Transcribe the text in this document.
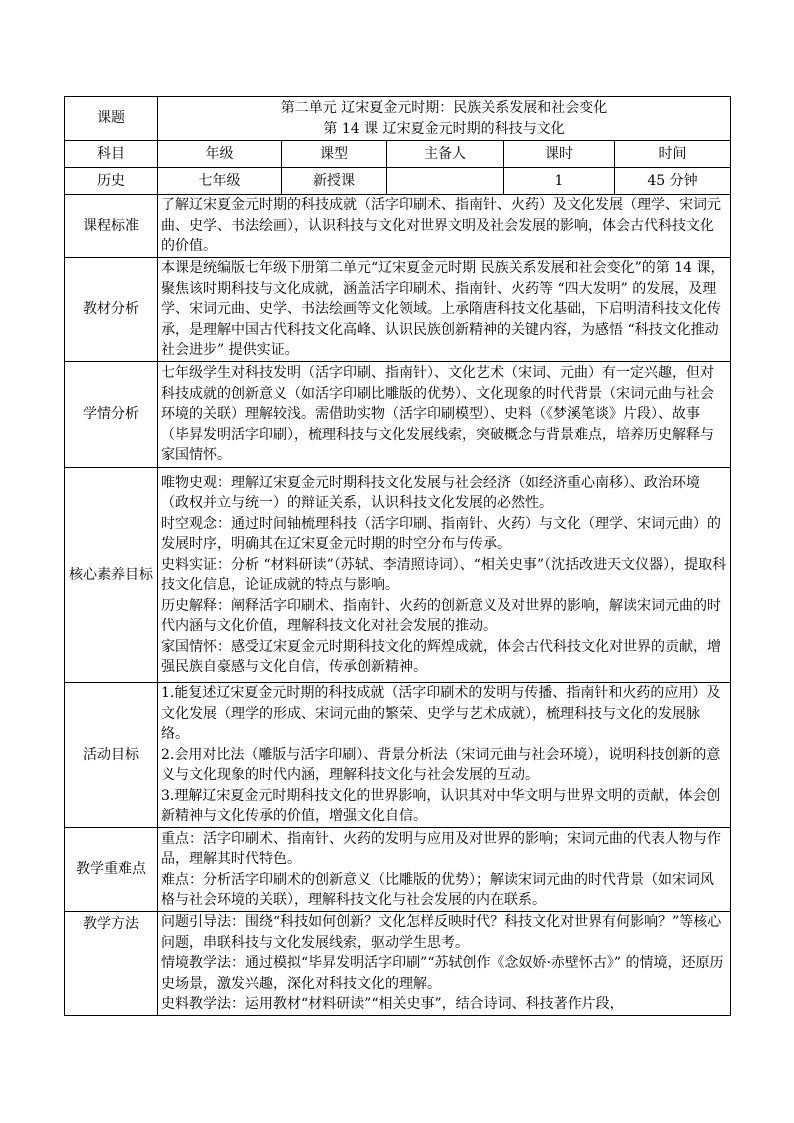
课题	第二单元 辽宋夏金元时期：民族关系发展和社会变化
第 14 课 辽宋夏金元时期的科技与文化				

科目	年级	课型	主备人	课时	时间
历史	七年级	新授课		1	45 分钟
课程标准	了解辽宋夏金元时期的科技成就（活字印刷术、指南针、火药）及文化发展（理学、宋词元曲、史学、书法绘画），认识科技与文化对世界文明及社会发展的影响，体会古代科技文化的价值。				

教材分析	本课是统编版七年级下册第二单元“辽宋夏金元时期 民族关系发展和社会变化”的第 14 课，聚焦该时期科技与文化成就，涵盖活字印刷术、指南针、火药等 “四大发明” 的发展，及理学、宋词元曲、史学、书法绘画等文化领域。上承隋唐科技文化基础，下启明清科技文化传承，是理解中国古代科技文化高峰、认识民族创新精神的关键内容，为感悟 “科技文化推动社会进步” 提供实证。				

学情分析	七年级学生对科技发明（活字印刷、指南针）、文化艺术（宋词、元曲）有一定兴趣，但对科技成就的创新意义（如活字印刷比雕版的优势）、文化现象的时代背景（宋词元曲与社会环境的关联）理解较浅。需借助实物（活字印刷模型）、史料（《梦溪笔谈》片段）、故事（毕昇发明活字印刷），梳理科技与文化发展线索，突破概念与背景难点，培养历史解释与家国情怀。				

核心素养目标	唯物史观：理解辽宋夏金元时期科技文化发展与社会经济（如经济重心南移）、政治环境（政权并立与统一）的辩证关系，认识科技文化发展的必然性。

时空观念：通过时间轴梳理科技（活字印刷、指南针、火药）与文化（理学、宋词元曲）的发展时序，明确其在辽宋夏金元时期的时空分布与传承。

史料实证：分析 “材料研读”（苏轼、李清照诗词）、“相关史事”（沈括改进天文仪器），提取科技文化信息，论证成就的特点与影响。

历史解释：阐释活字印刷术、指南针、火药的创新意义及对世界的影响，解读宋词元曲的时代内涵与文化价值，理解科技文化对社会发展的推动。

家国情怀：感受辽宋夏金元时期科技文化的辉煌成就，体会古代科技文化对世界的贡献，增强民族自豪感与文化自信，传承创新精神。				

活动目标	1.能复述辽宋夏金元时期的科技成就（活字印刷术的发明与传播、指南针和火药的应用）及文化发展（理学的形成、宋词元曲的繁荣、史学与艺术成就），梳理科技与文化的发展脉络。

2.会用对比法（雕版与活字印刷）、背景分析法（宋词元曲与社会环境），说明科技创新的意义与文化现象的时代内涵，理解科技文化与社会发展的互动。

3.理解辽宋夏金元时期科技文化的世界影响，认识其对中华文明与世界文明的贡献，体会创新精神与文化传承的价值，增强文化自信。				

教学重难点	重点：活字印刷术、指南针、火药的发明与应用及对世界的影响；宋词元曲的代表人物与作品，理解其时代特色。

难点：分析活字印刷术的创新意义（比雕版的优势）；解读宋词元曲的时代背景（如宋词风格与社会环境的关联），理解科技文化与社会发展的内在联系。				

教学方法	问题引导法：围绕“科技如何创新？文化怎样反映时代？科技文化对世界有何影响？”等核心问题，串联科技与文化发展线索，驱动学生思考。

情境教学法：通过模拟“毕昇发明活字印刷”“苏轼创作《念奴娇·赤壁怀古》” 的情境，还原历史场景，激发兴趣，深化对科技文化的理解。

史料教学法：运用教材“材料研读”“相关史事”，结合诗词、科技著作片段，				
